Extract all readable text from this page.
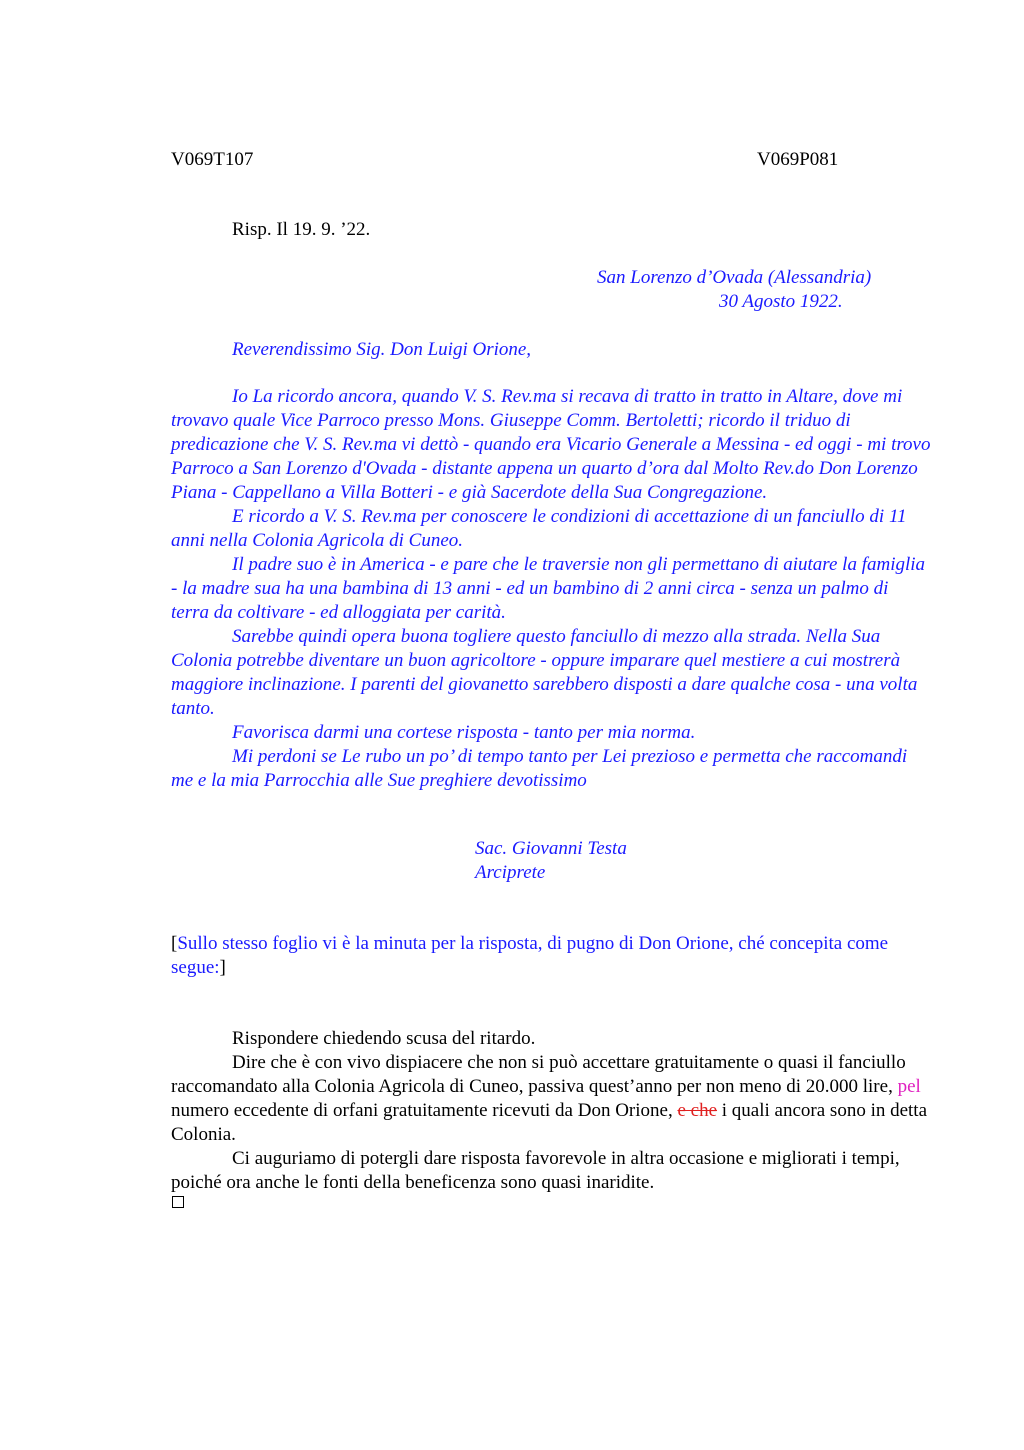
V069T107	V069P081
Risp. Il 19. 9. ’22.
San Lorenzo d’Ovada (Alessandria)
30 Agosto 1922.
Reverendissimo Sig. Don Luigi Orione,
Io La ricordo ancora, quando V. S. Rev.ma si recava di tratto in tratto in Altare, dove mi trovavo quale Vice Parroco presso Mons. Giuseppe Comm. Bertoletti; ricordo il triduo di predicazione che V. S. Rev.ma vi dettò - quando era Vicario Generale a Messina - ed oggi - mi trovo Parroco a San Lorenzo d'Ovada - distante appena un quarto d’ora dal Molto Rev.do Don Lorenzo Piana - Cappellano a Villa Botteri - e già Sacerdote della Sua Congregazione.
E ricordo a V. S. Rev.ma per conoscere le condizioni di accettazione di un fanciullo di 11 anni nella Colonia Agricola di Cuneo.
Il padre suo è in America - e pare che le traversie non gli permettano di aiutare la famiglia - la madre sua ha una bambina di 13 anni - ed un bambino di 2 anni circa - senza un palmo di terra da coltivare - ed alloggiata per carità.
Sarebbe quindi opera buona togliere questo fanciullo di mezzo alla strada. Nella Sua Colonia potrebbe diventare un buon agricoltore - oppure imparare quel mestiere a cui mostrerà maggiore inclinazione. I parenti del giovanetto sarebbero disposti a dare qualche cosa - una volta tanto.
Favorisca darmi una cortese risposta - tanto per mia norma.
Mi perdoni se Le rubo un po’ di tempo tanto per Lei prezioso e permetta che raccomandi me e la mia Parrocchia alle Sue preghiere devotissimo
Sac. Giovanni Testa
Arciprete
[Sullo stesso foglio vi è la minuta per la risposta, di pugno di Don Orione, ché concepita come segue:]
Rispondere chiedendo scusa del ritardo.
Dire che è con vivo dispiacere che non si può accettare gratuitamente o quasi il fanciullo raccomandato alla Colonia Agricola di Cuneo, passiva quest’anno per non meno di 20.000 lire, pel numero eccedente di orfani gratuitamente ricevuti da Don Orione, e che i quali ancora sono in detta Colonia.
Ci auguriamo di potergli dare risposta favorevole in altra occasione e migliorati i tempi, poiché ora anche le fonti della beneficenza sono quasi inaridite.
